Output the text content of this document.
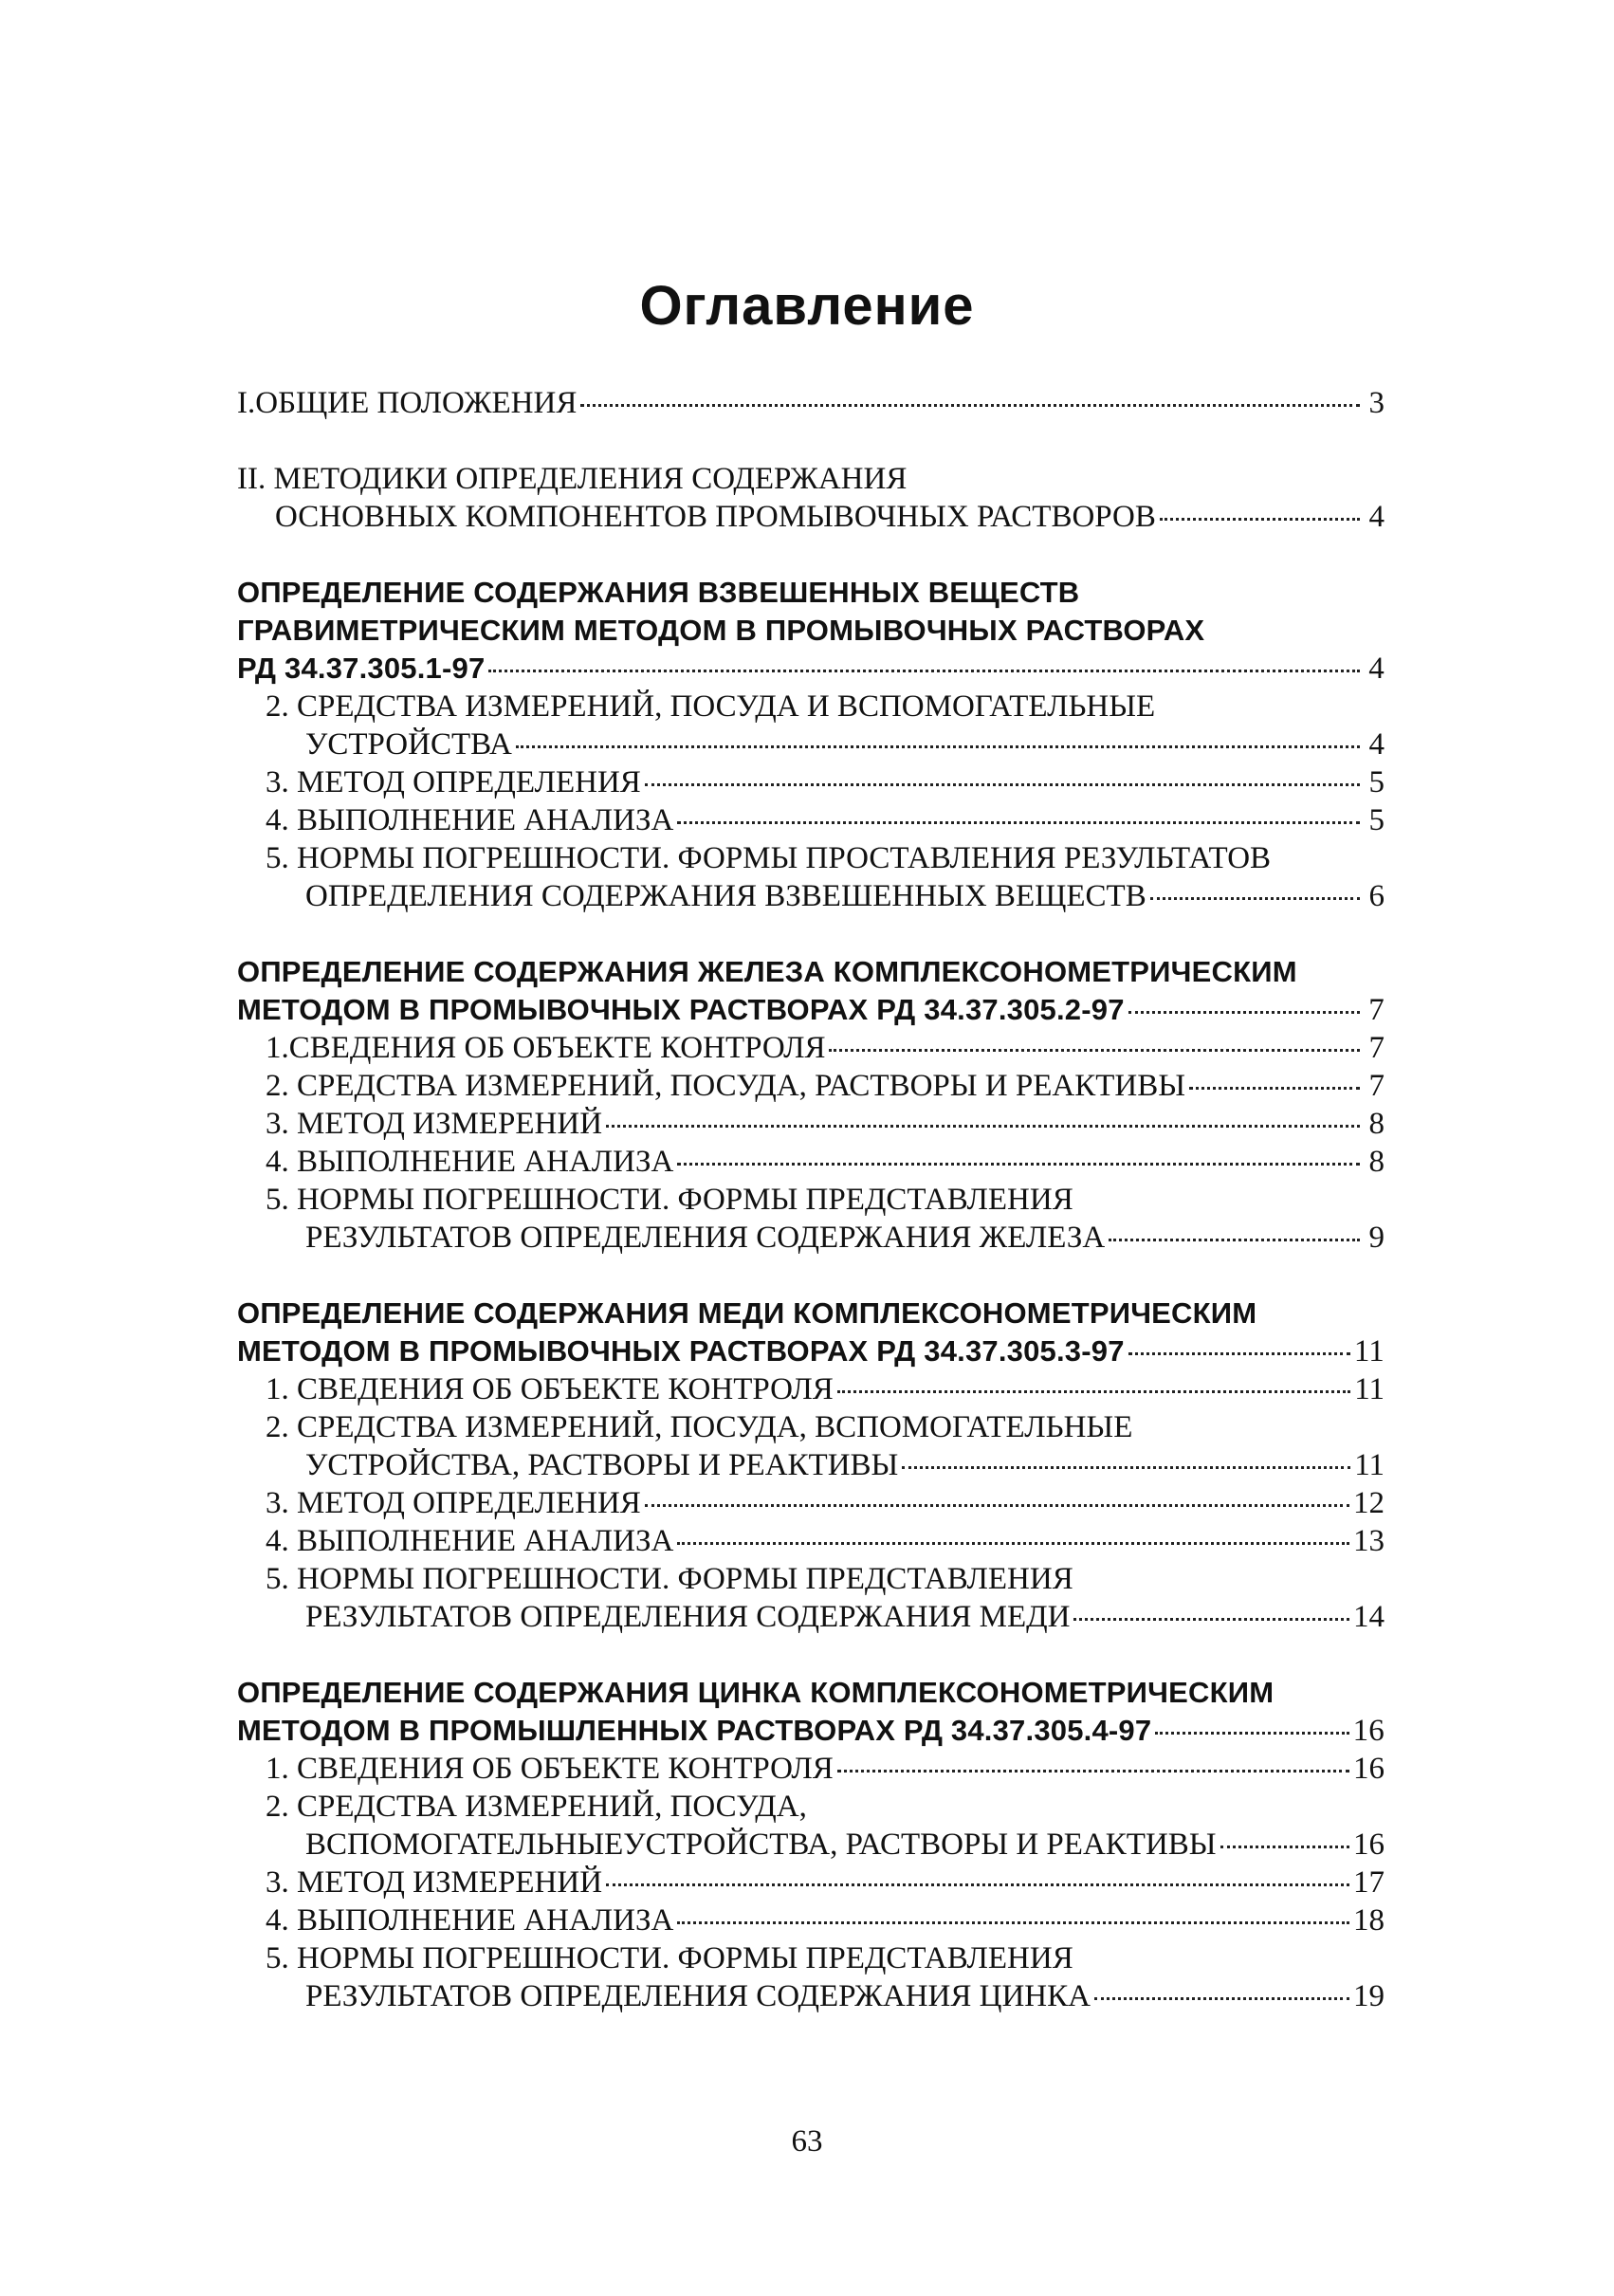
Оглавление
I.ОБЩИЕ ПОЛОЖЕНИЯ	3
II. МЕТОДИКИ ОПРЕДЕЛЕНИЯ СОДЕРЖАНИЯ
ОСНОВНЫХ КОМПОНЕНТОВ ПРОМЫВОЧНЫХ РАСТВОРОВ	4
ОПРЕДЕЛЕНИЕ СОДЕРЖАНИЯ ВЗВЕШЕННЫХ ВЕЩЕСТВ
ГРАВИМЕТРИЧЕСКИМ МЕТОДОМ В ПРОМЫВОЧНЫХ РАСТВОРАХ
РД 34.37.305.1-97	4
2. СРЕДСТВА ИЗМЕРЕНИЙ, ПОСУДА И ВСПОМОГАТЕЛЬНЫЕ
УСТРОЙСТВА	4
3. МЕТОД ОПРЕДЕЛЕНИЯ	5
4. ВЫПОЛНЕНИЕ АНАЛИЗА	5
5. НОРМЫ ПОГРЕШНОСТИ. ФОРМЫ ПРОСТАВЛЕНИЯ РЕЗУЛЬТАТОВ
ОПРЕДЕЛЕНИЯ СОДЕРЖАНИЯ ВЗВЕШЕННЫХ ВЕЩЕСТВ	6
ОПРЕДЕЛЕНИЕ СОДЕРЖАНИЯ ЖЕЛЕЗА КОМПЛЕКСОНОМЕТРИЧЕСКИМ
МЕТОДОМ В ПРОМЫВОЧНЫХ РАСТВОРАХ РД 34.37.305.2-97	7
1.СВЕДЕНИЯ ОБ ОБЪЕКТЕ КОНТРОЛЯ	7
2. СРЕДСТВА ИЗМЕРЕНИЙ, ПОСУДА, РАСТВОРЫ И РЕАКТИВЫ	7
3. МЕТОД ИЗМЕРЕНИЙ	8
4. ВЫПОЛНЕНИЕ АНАЛИЗА	8
5. НОРМЫ ПОГРЕШНОСТИ. ФОРМЫ ПРЕДСТАВЛЕНИЯ
РЕЗУЛЬТАТОВ ОПРЕДЕЛЕНИЯ СОДЕРЖАНИЯ ЖЕЛЕЗА	9
ОПРЕДЕЛЕНИЕ СОДЕРЖАНИЯ МЕДИ КОМПЛЕКСОНОМЕТРИЧЕСКИМ
МЕТОДОМ В ПРОМЫВОЧНЫХ РАСТВОРАХ РД 34.37.305.3-97	11
1. СВЕДЕНИЯ ОБ ОБЪЕКТЕ КОНТРОЛЯ	11
2. СРЕДСТВА ИЗМЕРЕНИЙ, ПОСУДА, ВСПОМОГАТЕЛЬНЫЕ
УСТРОЙСТВА, РАСТВОРЫ И РЕАКТИВЫ	11
3. МЕТОД ОПРЕДЕЛЕНИЯ	12
4. ВЫПОЛНЕНИЕ АНАЛИЗА	13
5. НОРМЫ ПОГРЕШНОСТИ. ФОРМЫ ПРЕДСТАВЛЕНИЯ
РЕЗУЛЬТАТОВ ОПРЕДЕЛЕНИЯ СОДЕРЖАНИЯ МЕДИ	14
ОПРЕДЕЛЕНИЕ СОДЕРЖАНИЯ ЦИНКА КОМПЛЕКСОНОМЕТРИЧЕСКИМ
МЕТОДОМ В ПРОМЫШЛЕННЫХ РАСТВОРАХ РД 34.37.305.4-97	16
1. СВЕДЕНИЯ ОБ ОБЪЕКТЕ КОНТРОЛЯ	16
2. СРЕДСТВА ИЗМЕРЕНИЙ, ПОСУДА,
ВСПОМОГАТЕЛЬНЫЕУСТРОЙСТВА, РАСТВОРЫ И РЕАКТИВЫ	16
3. МЕТОД ИЗМЕРЕНИЙ	17
4. ВЫПОЛНЕНИЕ АНАЛИЗА	18
5. НОРМЫ ПОГРЕШНОСТИ. ФОРМЫ ПРЕДСТАВЛЕНИЯ
РЕЗУЛЬТАТОВ ОПРЕДЕЛЕНИЯ СОДЕРЖАНИЯ ЦИНКА	19
63
